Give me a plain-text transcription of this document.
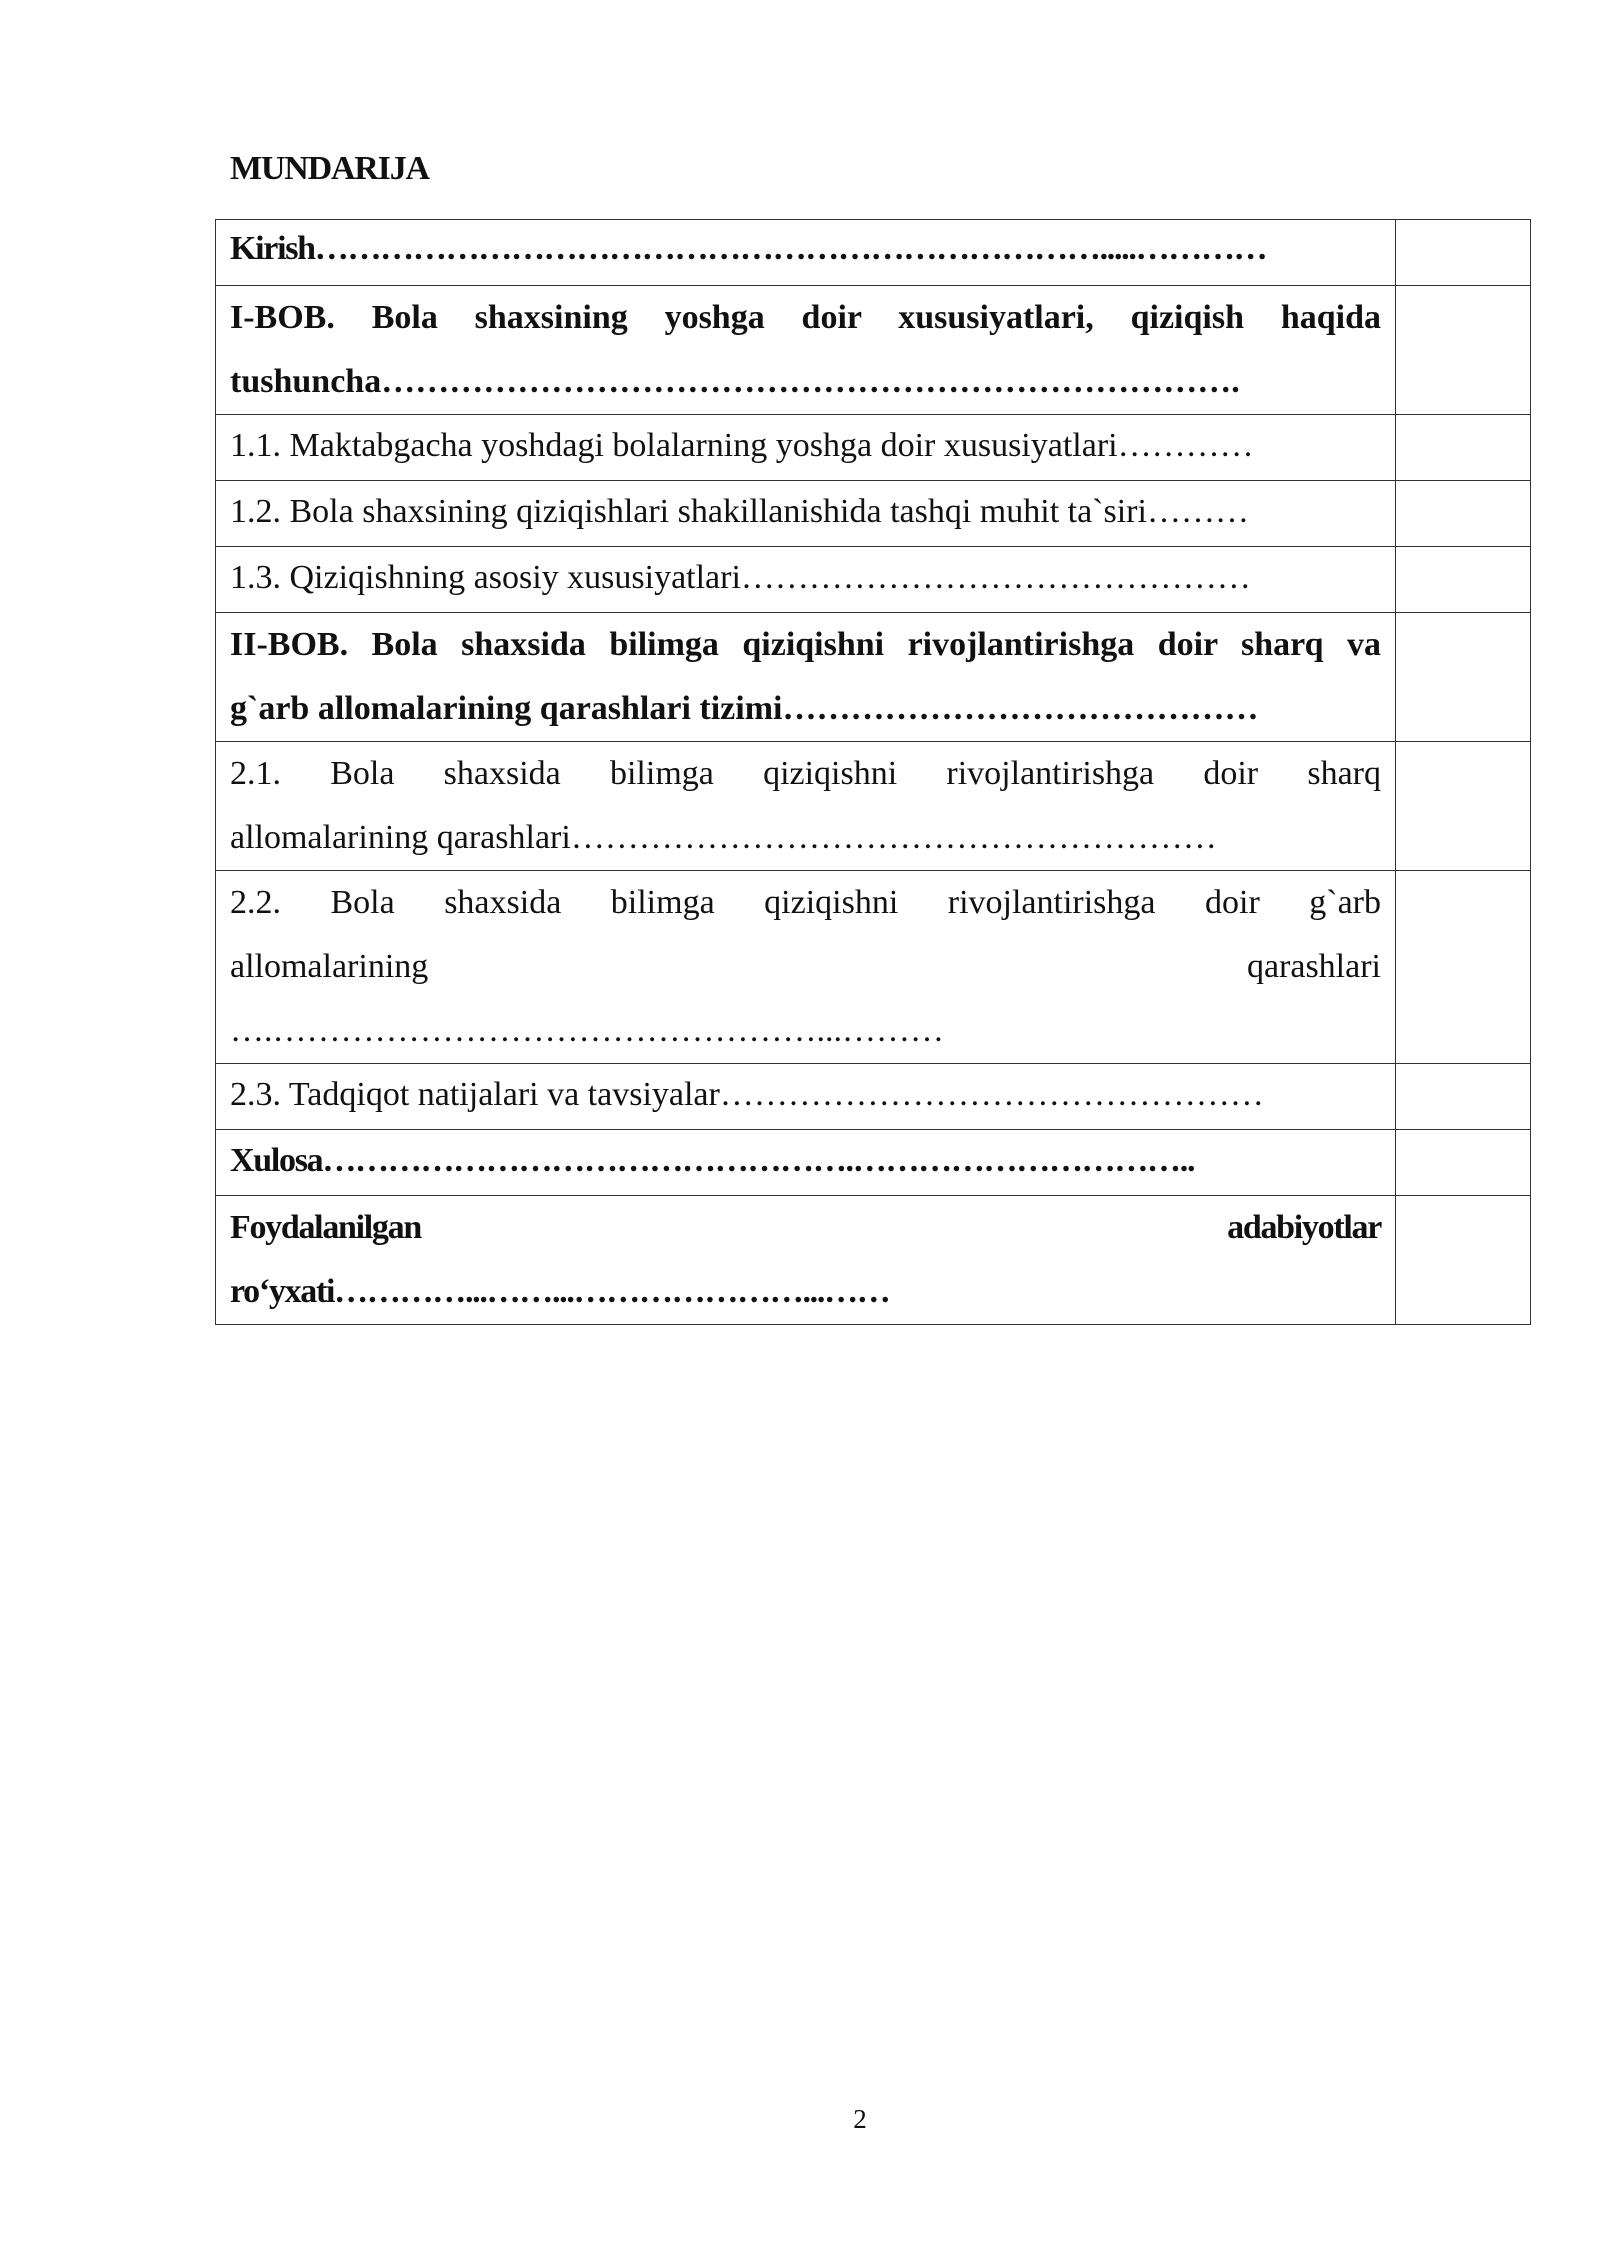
MUNDARIJA
Kirish……………………………………………………………….....…………	

I-BOB. Bola shaxsining yoshga doir xususiyatlari, qiziqish haqida
tushuncha………………………………………………………………….	

1.1. Maktabgacha yoshdagi bolalarning yoshga doir xususiyatlari…………	

1.2. Bola shaxsining qiziqishlari shakillanishida tashqi muhit ta`siri………	

1.3. Qiziqishning asosiy xususiyatlari………………………………………	

II-BOB. Bola shaxsida bilimga qiziqishni rivojlantirishga doir sharq va
g`arb allomalarining qarashlari tizimi……………………………………	

2.1. Bola shaxsida bilimga qiziqishni rivojlantirishga doir sharq
allomalarining qarashlari…………………………………………………	

2.2. Bola shaxsida bilimga qiziqishni rivojlantirishga doir g`arb
allomalarining qarashlari
….…………………………………………...………	

2.3. Tadqiqot natijalari va tavsiyalar…………………………………………	

Xulosa………………………………………….…………………………..	

Foydalanilgan adabiyotlar
ro‘yxati…………...……...…………………...……	

2
